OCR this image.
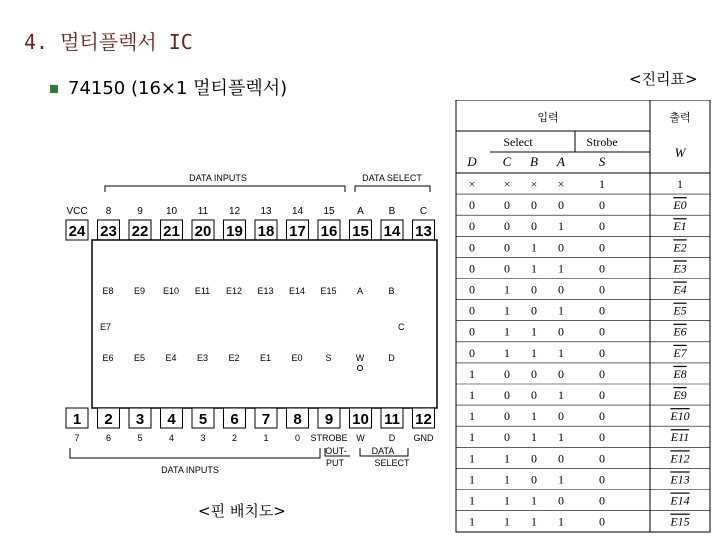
4. 멀티플렉서 IC
74150 (16×1 멀티플렉서)	<진리표>
<핀 배치도>
DATA INPUTS	DATA SELECT
VCC 8	9 10 11 12 13 14 15 A B C
24 23 22 21 20 19 18 17 16 15 14 13
E8 E9 E10 E11 E12 E13 E14 E15 A	B
E7	C
E6 E5 E4 E3 E2 E1 E0	S	W	D
1 2 3 4 5 6 7 8 9 10 11 12
7	6	5	4	3	2	1	0 STROBE W	D GND
DATA INPUTS
OUT-
PUT
DATA
SELECT
입력	출력
Select	Strobe
D C B A	S
W
× × × ×	1	1
0 0 0 0	0	E0
0 0 0 1	0	E1
0 0 1 0	0	E2
0 0 1 1	0	E3
0 1 0 0	0	E4
0 1 0 1	0	E5
0 1 1 0	0	E6
0 1 1 1	0	E7
1 0 0 0	0	E8
1 0 0 1	0	E9
1 0 1 0	0	E10
1 0 1 1	0	E11
1 1 0 0	0	E12
1 1 0 1	0	E13
1 1 1 0	0	E14
1 1 1 1	0	E15
